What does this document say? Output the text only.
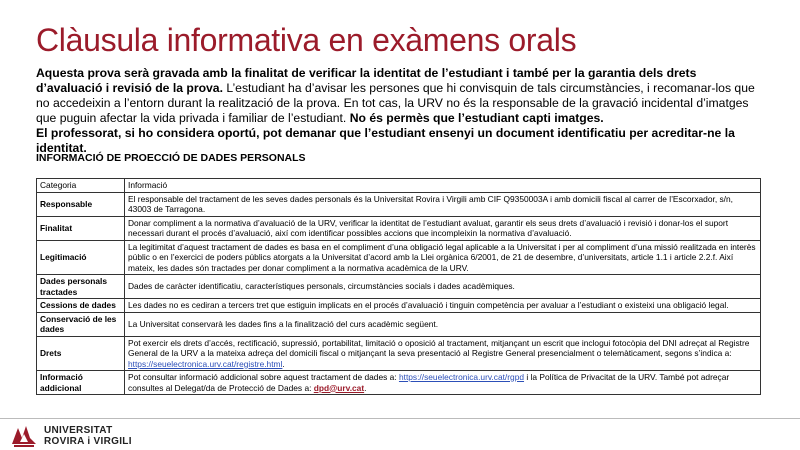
Clàusula informativa en exàmens orals

Aquesta prova serà gravada amb la finalitat de verificar la identitat de l’estudiant i també per la garantia dels drets d’avaluació i revisió de la prova. L’estudiant ha d’avisar les persones que hi convisquin de tals circumstàncies, i recomanar-los que no accedeixin a l’entorn durant la realització de la prova. En tot cas, la URV no és la responsable de la gravació incidental d’imatges que puguin afectar la vida privada i familiar de l’estudiant. No és permès que l’estudiant capti imatges.

El professorat, si ho considera oportú, pot demanar que l’estudiant ensenyi un document identificatiu per acreditar-ne la identitat.

INFORMACIÓ DE PROECCIÓ DE DADES PERSONALS
Categoria	Informació
Responsable	El responsable del tractament de les seves dades personals és la Universitat Rovira i Virgili amb CIF Q9350003A i amb domicili fiscal al carrer de l’Escorxador, s/n, 43003 de Tarragona.
Finalitat	Donar compliment a la normativa d’avaluació de la URV, verificar la identitat de l’estudiant avaluat, garantir els seus drets d’avaluació i revisió i donar-los el suport necessari durant el procés d’avaluació, així com identificar possibles accions que incompleixin la normativa d’avaluació.
Legitimació	La legitimitat d’aquest tractament de dades es basa en el compliment d’una obligació legal aplicable a la Universitat i per al compliment d’una missió realitzada en interès públic o en l’exercici de poders públics atorgats a la Universitat d’acord amb la Llei orgànica 6/2001, de 21 de desembre, d’universitats, article 1.1 i article 2.2.f. Així mateix, les dades són tractades per donar compliment a la normativa acadèmica de la URV.
Dades personals tractades	Dades de caràcter identificatiu, característiques personals, circumstàncies socials i dades acadèmiques.
Cessions de dades	Les dades no es cediran a tercers tret que estiguin implicats en el procés d’avaluació i tinguin competència per avaluar a l’estudiant o existeixi una obligació legal.
Conservació de les dades	La Universitat conservarà les dades fins a la finalització del curs acadèmic següent.
Drets	Pot exercir els drets d’accés, rectificació, supressió, portabilitat, limitació o oposició al tractament, mitjançant un escrit que inclogui fotocòpia del DNI adreçat al Registre General de la URV a la mateixa adreça del domicili fiscal o mitjançant la seva presentació al Registre General presencialment o telemàticament, segons s’indica a: https://seuelectronica.urv.cat/registre.html.
Informació addicional	Pot consultar informació addicional sobre aquest tractament de dades a: https://seuelectronica.urv.cat/rgpd i la Política de Privacitat de la URV. També pot adreçar consultes al Delegat/da de Protecció de Dades a: dpd@urv.cat.
UNIVERSITAT
ROVIRA i VIRGILI
